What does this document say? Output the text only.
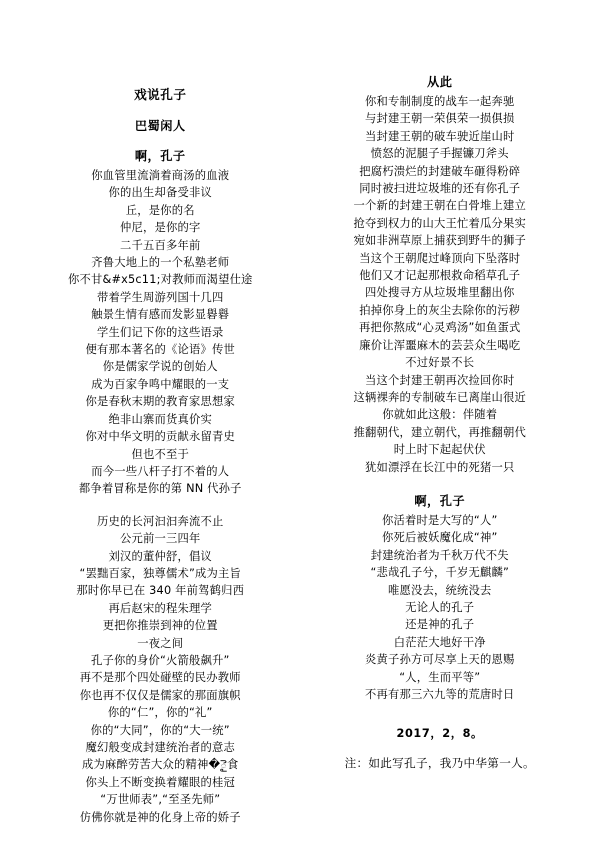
戏说孔子
巴蜀闲人
啊，孔子
你血管里流淌着商汤的血液
你的出生却备受非议
丘，是你的名
仲尼，是你的字
二千五百多年前
齐鲁大地上的一个私塾老师
你不甘&#x5c11;对教师而渴望仕途
带着学生周游列国十几四
触景生情有感而发影显礜礜
学生们记下你的这些语录
便有那本著名的《论语》传世
你是儒家学说的创始人
成为百家争鸣中耀眼的一支
你是春秋末期的教育家思想家
绝非山寨而货真价实
你对中华文明的贡献永留青史
但也不至于
而今一些八杆子打不着的人
都争着冒称是你的第 NN 代孙子
历史的长河汩汩奔流不止
公元前一三四年
刘汉的董仲舒，倡议
“罢黜百家，独尊儒术”成为主旨
那时你早已在 340 年前驾鹤归西
再后赵宋的程朱理学
更把你推崇到神的位置
一夜之间
孔子你的身价“火箭般飙升”
再不是那个四处碰壁的民办教师
你也再不仅仅是儒家的那面旗帜
你的“仁”，你的“礼”
你的“大同”，你的“大一统”
魔幻般变成封建统治者的意志
成为麻醉劳苦大众的精神�ై食
你头上不断变换着耀眼的桂冠
“万世师表”,“至圣先师”
仿佛你就是神的化身上帝的娇子
从此
你和专制制度的战车一起奔驰
与封建王朝一荣俱荣一损俱损
当封建王朝的破车驶近崖山时
愤怒的泥腿子手握镰刀斧头
把腐朽溃烂的封建破车砸得粉碎
同时被扫进垃圾堆的还有你孔子
一个新的封建王朝在白骨堆上建立
抢夺到权力的山大王忙着瓜分果实
宛如非洲草原上捕获到野牛的狮子
当这个王朝爬过峰顶向下坠落时
他们又才记起那根救命稻草孔子
四处搜寻方从垃圾堆里翻出你
拍掉你身上的灰尘去除你的污秽
再把你熬成“心灵鸡汤”如鱼蛋式
廉价让浑噩麻木的芸芸众生喝吃
不过好景不长
当这个封建王朝再次捡回你时
这辆裸奔的专制破车已离崖山很近
你就如此这般：伴随着
推翻朝代，建立朝代，再推翻朝代
时上时下起起伏伏
犹如漂浮在长江中的死猪一只
啊，孔子
你活着时是大写的“人”
你死后被妖魔化成“神”
封建统治者为千秋万代不失
“悲哉孔子兮，千岁无麒麟”
唯愿没去，统统没去
无论人的孔子
还是神的孔子
白茫茫大地好干净
炎黄子孙方可尽享上天的恩赐
“人，生而平等”
不再有那三六九等的荒唐时日
2017，2，8。
注：如此写孔子，我乃中华第一人。
